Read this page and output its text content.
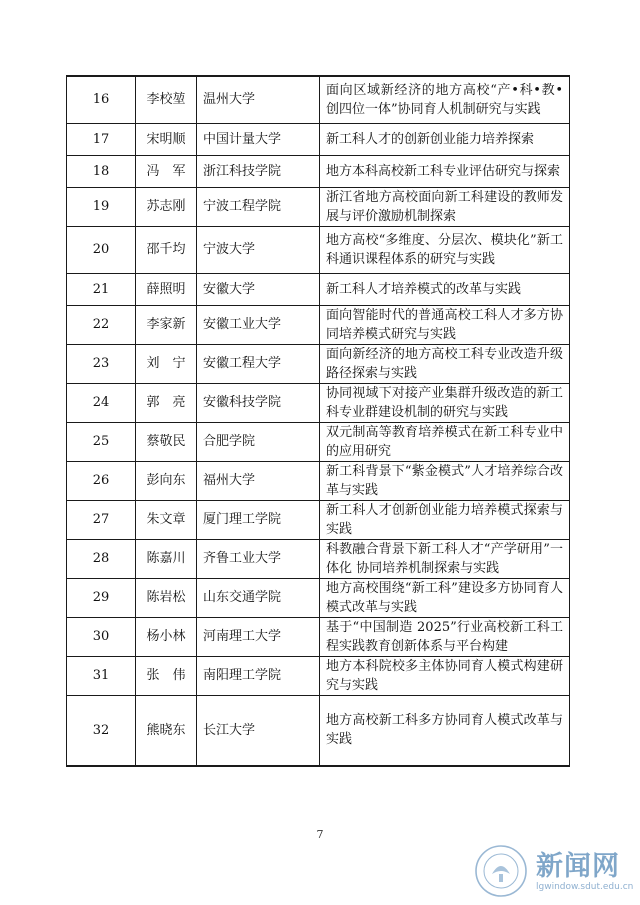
16	李校堃	温州大学	面向区域新经济的地方高校“产•科•教•创四位一体”协同育人机制研究与实践
17	宋明顺	中国计量大学	新工科人才的创新创业能力培养探索
18	冯　军	浙江科技学院	地方本科高校新工科专业评估研究与探索
19	苏志刚	宁波工程学院	浙江省地方高校面向新工科建设的教师发展与评价激励机制探索
20	邵千均	宁波大学	地方高校“多维度、分层次、模块化”新工科通识课程体系的研究与实践
21	薛照明	安徽大学	新工科人才培养模式的改革与实践
22	李家新	安徽工业大学	面向智能时代的普通高校工科人才多方协同培养模式研究与实践
23	刘　宁	安徽工程大学	面向新经济的地方高校工科专业改造升级路径探索与实践
24	郭　亮	安徽科技学院	协同视域下对接产业集群升级改造的新工科专业群建设机制的研究与实践
25	蔡敬民	合肥学院	双元制高等教育培养模式在新工科专业中的应用研究
26	彭向东	福州大学	新工科背景下“紫金模式”人才培养综合改革与实践
27	朱文章	厦门理工学院	新工科人才创新创业能力培养模式探索与实践
28	陈嘉川	齐鲁工业大学	科教融合背景下新工科人才“产学研用”一体化 协同培养机制探索与实践
29	陈岩松	山东交通学院	地方高校围绕“新工科”建设多方协同育人模式改革与实践
30	杨小林	河南理工大学	基于“中国制造 2025”行业高校新工科工程实践教育创新体系与平台构建
31	张　伟	南阳理工学院	地方本科院校多主体协同育人模式构建研究与实践
32	熊晓东	长江大学	地方高校新工科多方协同育人模式改革与实践
7
新闻网
lgwindow.sdut.edu.cn
